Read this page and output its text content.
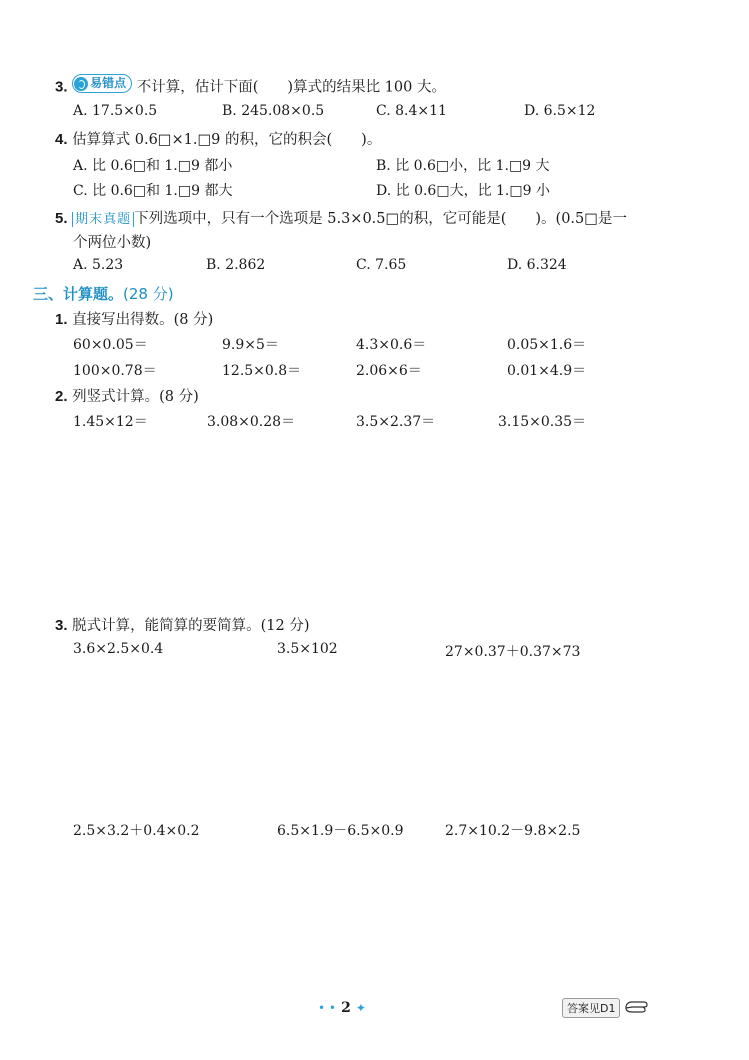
3. 易错点 不计算，估计下面(　　)算式的结果比 100 大。
A. 17.5×0.5	B. 245.08×0.5	C. 8.4×11	D. 6.5×12
4. 估算算式 0.6□×1.□9 的积，它的积会(　　)。
A. 比 0.6□和 1.□9 都小	B. 比 0.6□小，比 1.□9 大
C. 比 0.6□和 1.□9 都大	D. 比 0.6□大，比 1.□9 小
5. 期末真题 下列选项中，只有一个选项是 5.3×0.5□的积，它可能是(　　)。(0.5□是一
个两位小数)
A. 5.23	B. 2.862	C. 7.65	D. 6.324
三、计算题。(28 分)
1. 直接写出得数。(8 分)
60×0.05＝	9.9×5＝	4.3×0.6＝	0.05×1.6＝
100×0.78＝	12.5×0.8＝	2.06×6＝	0.01×4.9＝
2. 列竖式计算。(8 分)
1.45×12＝	3.08×0.28＝	3.5×2.37＝	3.15×0.35＝
3. 脱式计算，能简算的要简算。(12 分)
3.6×2.5×0.4	3.5×102	27×0.37＋0.37×73
2.5×3.2＋0.4×0.2	6.5×1.9－6.5×0.9	2.7×10.2－9.8×2.5
• • 2 ✦	答案见D1
